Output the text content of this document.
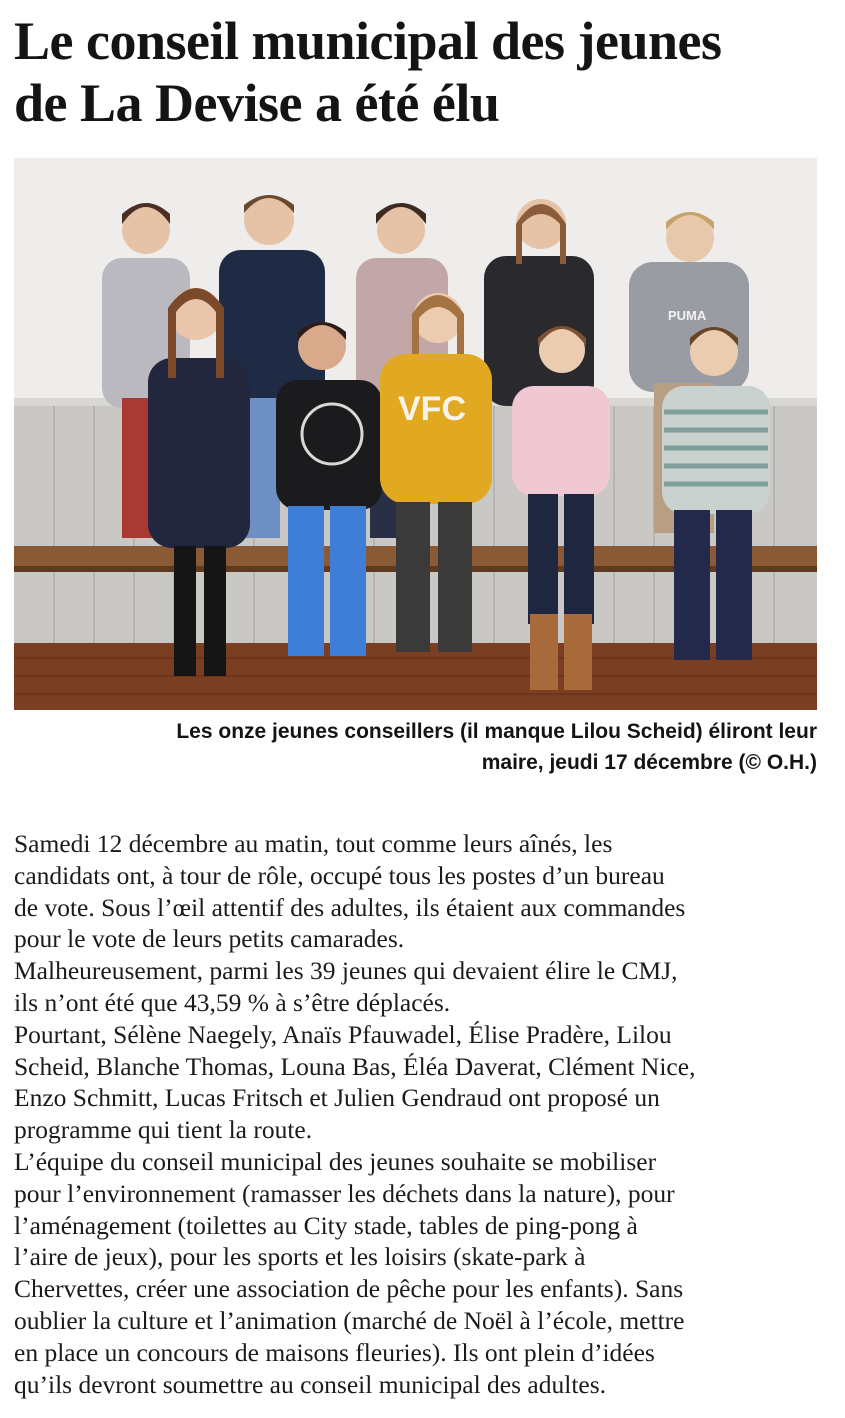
Le conseil municipal des jeunes
de La Devise a été élu
PUMA
VFC
Les onze jeunes conseillers (il manque Lilou Scheid) éliront leur
maire, jeudi 17 décembre (© O.H.)
Samedi 12 décembre au matin, tout comme leurs aînés, les
candidats ont, à tour de rôle, occupé tous les postes d’un bureau
de vote. Sous l’œil attentif des adultes, ils étaient aux commandes
pour le vote de leurs petits camarades.
Malheureusement, parmi les 39 jeunes qui devaient élire le CMJ,
ils n’ont été que 43,59 % à s’être déplacés.
Pourtant, Sélène Naegely, Anaïs Pfauwadel, Élise Pradère, Lilou
Scheid, Blanche Thomas, Louna Bas, Éléa Daverat, Clément Nice,
Enzo Schmitt, Lucas Fritsch et Julien Gendraud ont proposé un
programme qui tient la route.
L’équipe du conseil municipal des jeunes souhaite se mobiliser
pour l’environnement (ramasser les déchets dans la nature), pour
l’aménagement (toilettes au City stade, tables de ping-pong à
l’aire de jeux), pour les sports et les loisirs (skate-park à
Chervettes, créer une association de pêche pour les enfants). Sans
oublier la culture et l’animation (marché de Noël à l’école, mettre
en place un concours de maisons fleuries). Ils ont plein d’idées
qu’ils devront soumettre au conseil municipal des adultes.
